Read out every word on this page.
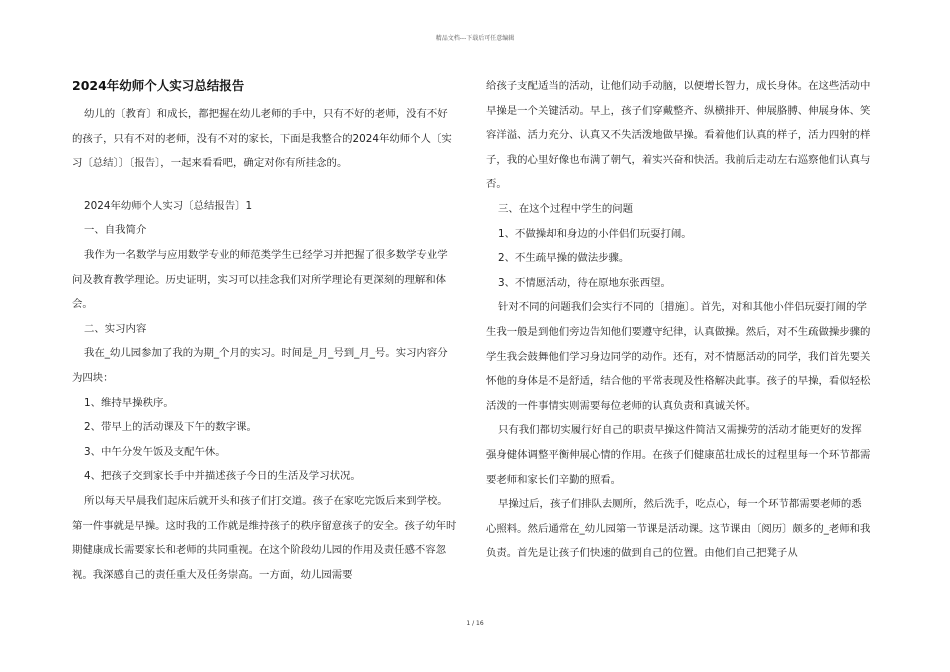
精品文档---下载后可任意编辑
2024年幼师个人实习总结报告

幼儿的〔教育〕和成长，都把握在幼儿老师的手中，只有不好的老师，没有不好的孩子，只有不对的老师，没有不对的家长，下面是我整合的2024年幼师个人〔实习〔总结〕〕〔报告〕，一起来看看吧，确定对你有所挂念的。

2024年幼师个人实习〔总结报告〕1

一、自我简介

我作为一名数学与应用数学专业的师范类学生已经学习并把握了很多数学专业学问及教育教学理论。历史证明，实习可以挂念我们对所学理论有更深刻的理解和体会。

二、实习内容

我在_幼儿园参加了我的为期_个月的实习。时间是_月_号到_月_号。实习内容分为四块：

1、维持早操秩序。

2、带早上的活动课及下午的数字课。

3、中午分发午饭及支配午休。

4、把孩子交到家长手中并描述孩子今日的生活及学习状况。

所以每天早晨我们起床后就开头和孩子们打交道。孩子在家吃完饭后来到学校。第一件事就是早操。这时我的工作就是维持孩子的秩序留意孩子的安全。孩子幼年时期健康成长需要家长和老师的共同重视。在这个阶段幼儿园的作用及责任感不容忽视。我深感自己的责任重大及任务崇高。一方面，幼儿园需要

给孩子支配适当的活动，让他们动手动脑，以便增长智力，成长身体。在这些活动中早操是一个关键活动。早上，孩子们穿戴整齐、纵横排开、伸展胳膊、伸展身体、笑容洋溢、活力充分、认真又不失活泼地做早操。看着他们认真的样子，活力四射的样子，我的心里好像也布满了朝气，着实兴奋和快活。我前后走动左右巡察他们认真与否。

三、在这个过程中学生的问题

1、不做操却和身边的小伴侣们玩耍打闹。

2、不生疏早操的做法步骤。

3、不情愿活动，待在原地东张西望。

针对不同的问题我们会实行不同的〔措施〕。首先，对和其他小伴侣玩耍打闹的学生我一般是到他们旁边告知他们要遵守纪律，认真做操。然后，对不生疏做操步骤的学生我会鼓舞他们学习身边同学的动作。还有，对不情愿活动的同学，我们首先要关怀他的身体是不是舒适，结合他的平常表现及性格解决此事。孩子的早操，看似轻松活泼的一件事情实则需要每位老师的认真负责和真诚关怀。

只有我们都切实履行好自己的职责早操这件简洁又需操劳的活动才能更好的发挥强身健体调整平衡伸展心情的作用。在孩子们健康茁壮成长的过程里每一个环节都需要老师和家长们辛勤的照看。

早操过后，孩子们排队去厕所，然后洗手，吃点心，每一个环节都需要老师的悉心照料。然后通常在_幼儿园第一节课是活动课。这节课由〔阅历〕颇多的_老师和我负责。首先是让孩子们快速的做到自己的位置。由他们自己把凳子从

1 / 16
